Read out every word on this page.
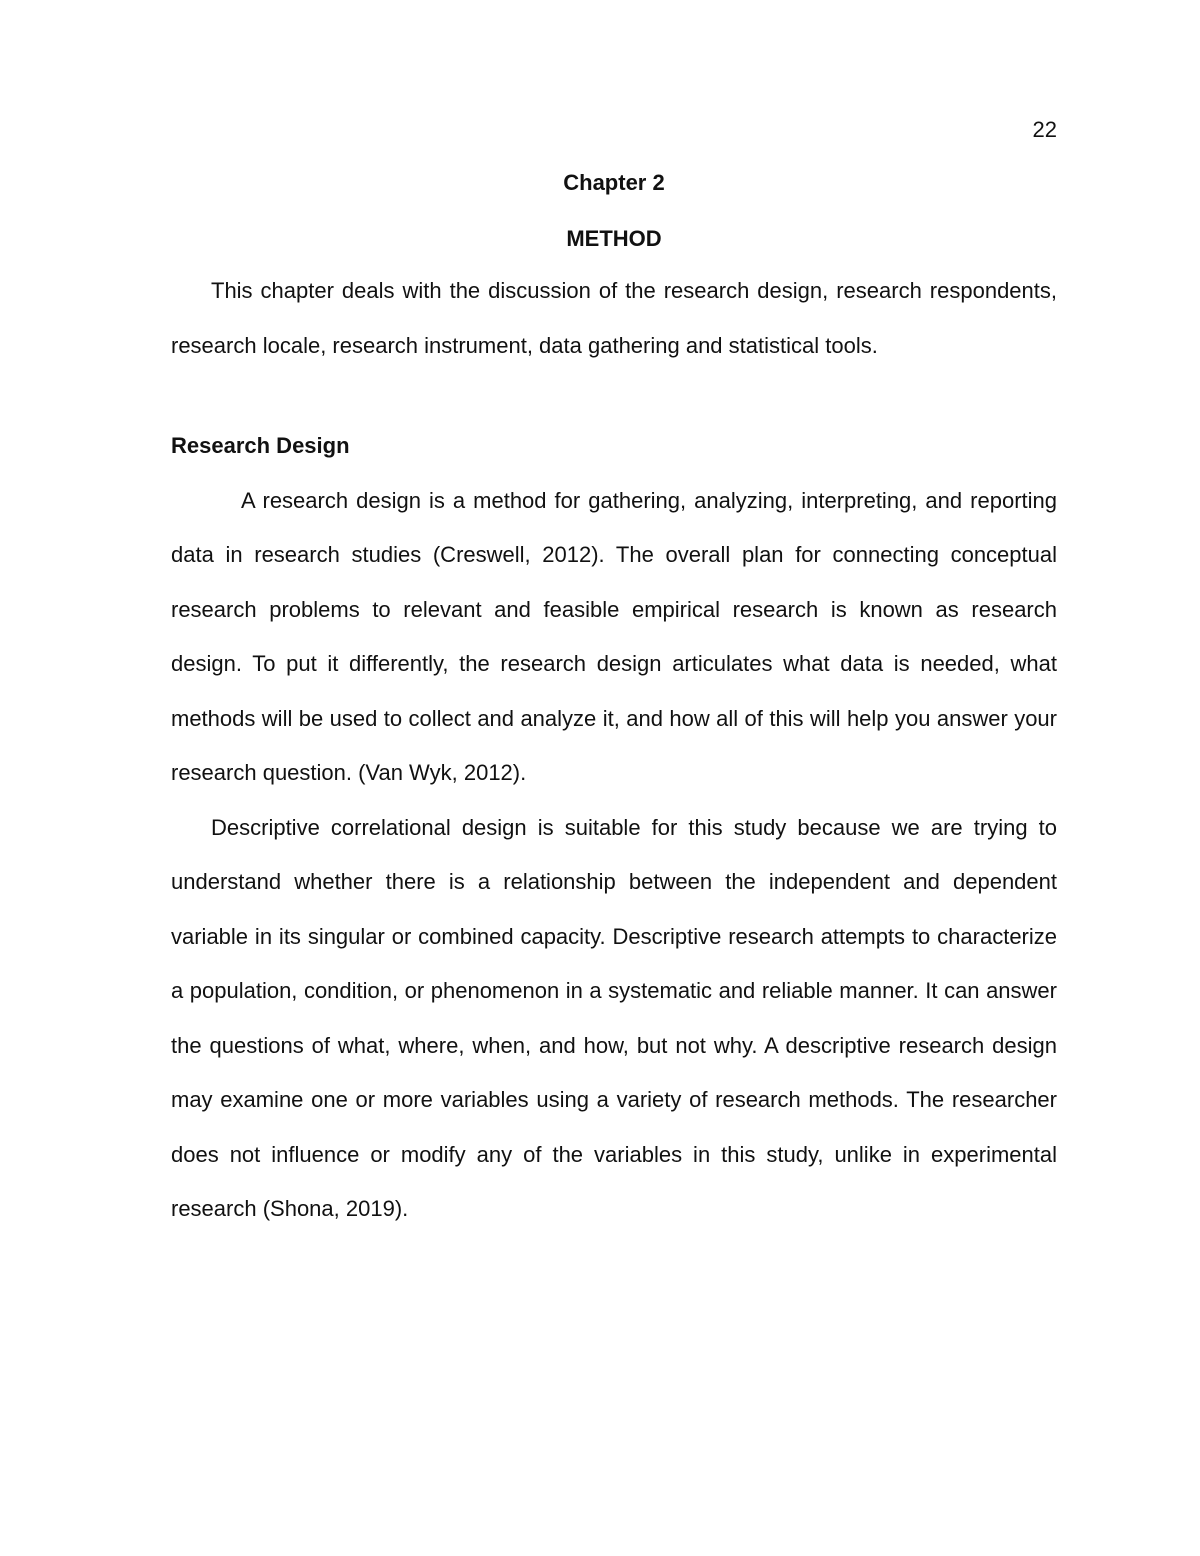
22
Chapter 2
METHOD

This chapter deals with the discussion of the research design, research respondents, research locale, research instrument, data gathering and statistical tools.

Research Design

A research design is a method for gathering, analyzing, interpreting, and reporting data in research studies (Creswell, 2012). The overall plan for connecting conceptual research problems to relevant and feasible empirical research is known as research design. To put it differently, the research design articulates what data is needed, what methods will be used to collect and analyze it, and how all of this will help you answer your research question. (Van Wyk, 2012).

Descriptive correlational design is suitable for this study because we are trying to understand whether there is a relationship between the independent and dependent variable in its singular or combined capacity. Descriptive research attempts to characterize a population, condition, or phenomenon in a systematic and reliable manner. It can answer the questions of what, where, when, and how, but not why. A descriptive research design may examine one or more variables using a variety of research methods. The researcher does not influence or modify any of the variables in this study, unlike in experimental research (Shona, 2019).
